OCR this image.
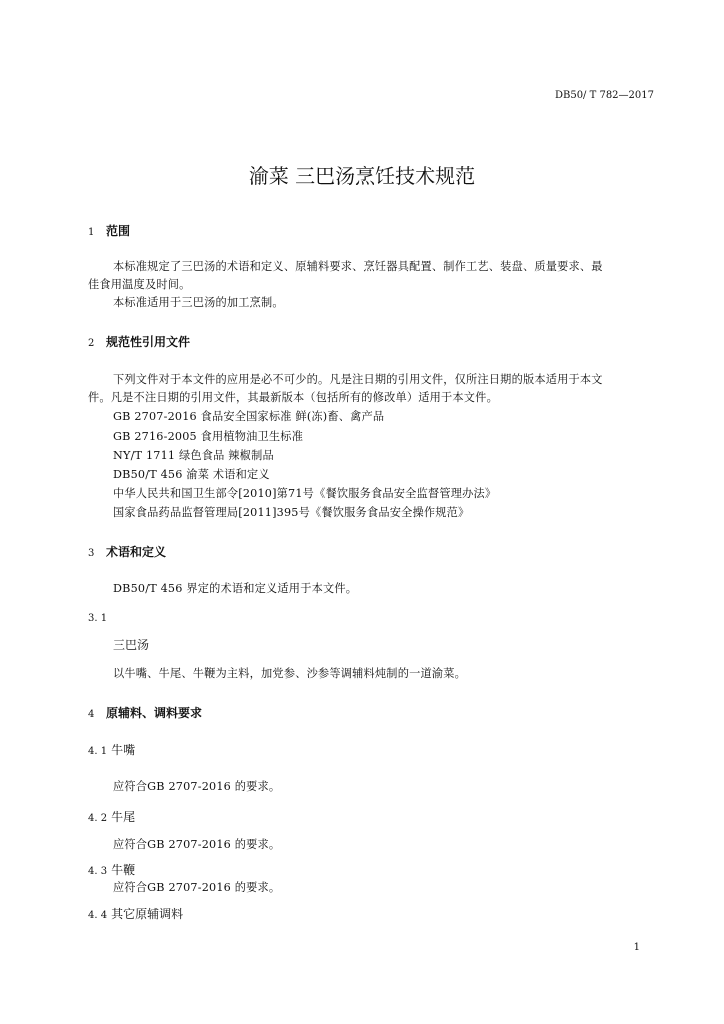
DB50/ T 782—2017
渝菜 三巴汤烹饪技术规范
1 范围
本标准规定了三巴汤的术语和定义、原辅料要求、烹饪器具配置、制作工艺、装盘、质量要求、最
佳食用温度及时间。
本标准适用于三巴汤的加工烹制。
2 规范性引用文件
下列文件对于本文件的应用是必不可少的。凡是注日期的引用文件，仅所注日期的版本适用于本文
件。凡是不注日期的引用文件，其最新版本（包括所有的修改单）适用于本文件。
GB 2707-2016 食品安全国家标准 鲜(冻)畜、禽产品
GB 2716-2005 食用植物油卫生标准
NY/T 1711 绿色食品 辣椒制品
DB50/T 456 渝菜 术语和定义
中华人民共和国卫生部令[2010]第71号《餐饮服务食品安全监督管理办法》
国家食品药品监督管理局[2011]395号《餐饮服务食品安全操作规范》
3 术语和定义
DB50/T 456 界定的术语和定义适用于本文件。
3. 1
三巴汤
以牛嘴、牛尾、牛鞭为主料，加党参、沙参等调辅料炖制的一道渝菜。
4 原辅料、调料要求
4. 1 牛嘴
应符合GB 2707-2016 的要求。
4. 2 牛尾
应符合GB 2707-2016 的要求。
4. 3 牛鞭
应符合GB 2707-2016 的要求。
4. 4 其它原辅调料
1
